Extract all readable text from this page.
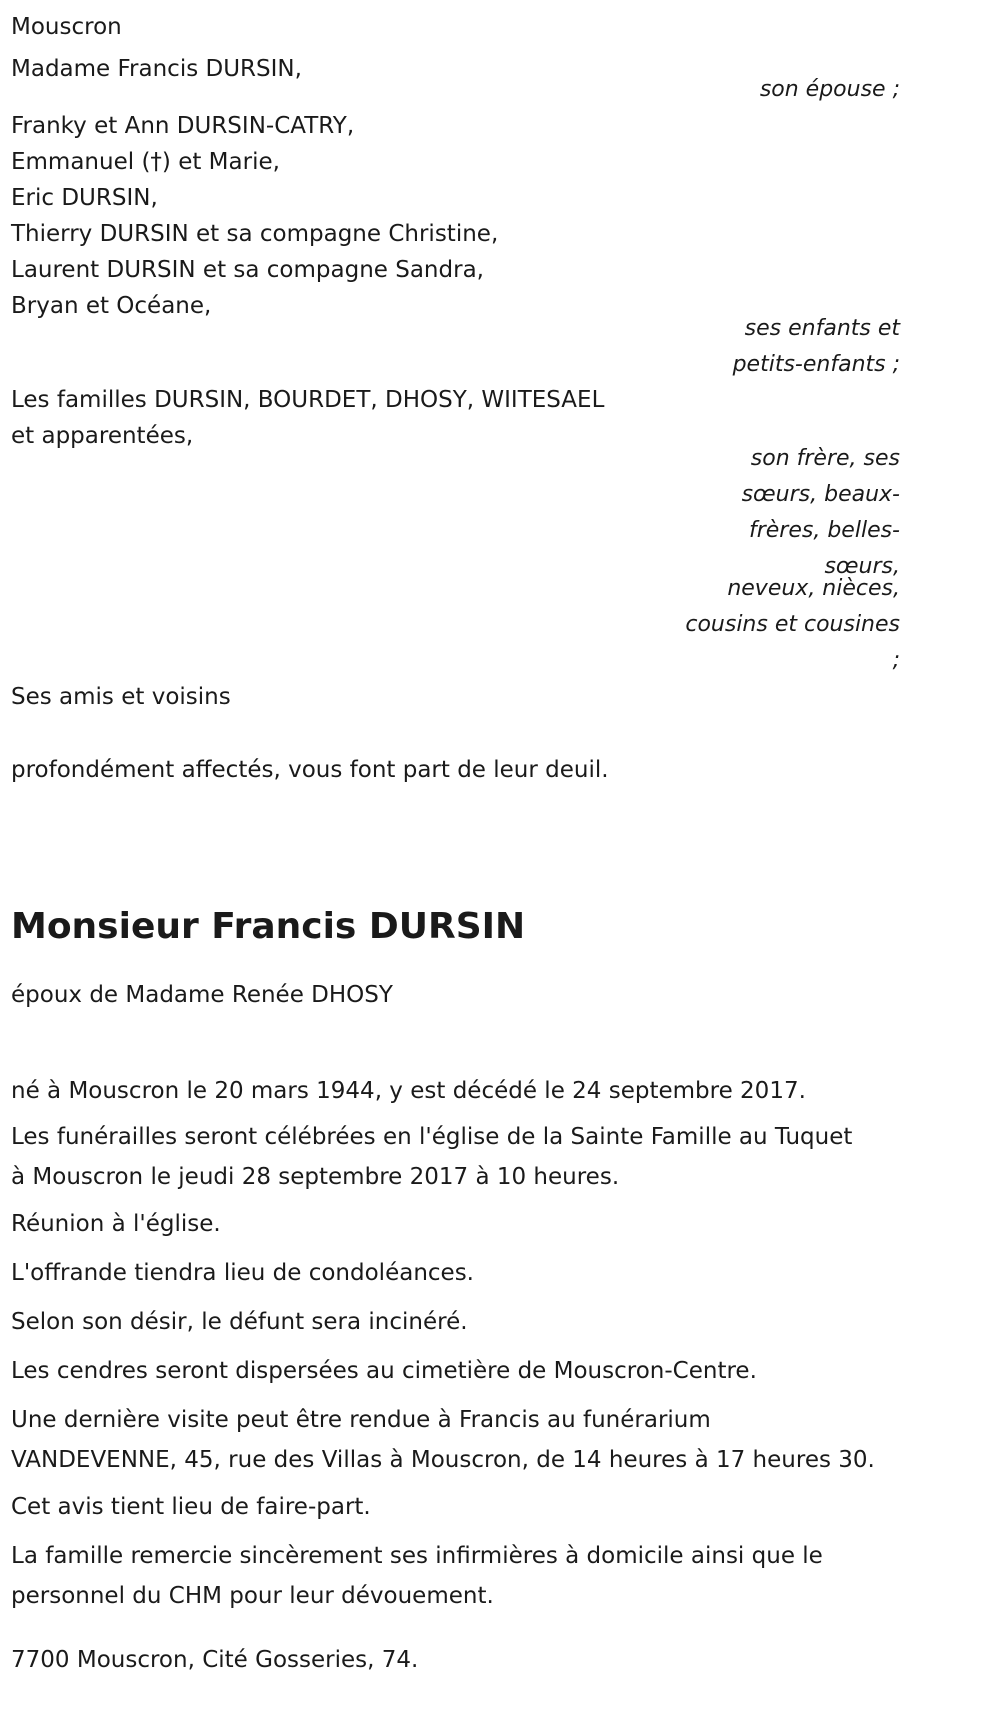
Mouscron

Madame Francis DURSIN,

son épouse ;

Franky et Ann DURSIN-CATRY,

Emmanuel (†) et Marie,

Eric DURSIN,

Thierry DURSIN et sa compagne Christine,

Laurent DURSIN et sa compagne Sandra,

Bryan et Océane,

ses enfants et

petits-enfants ;

Les familles DURSIN, BOURDET, DHOSY, WIITESAEL

et apparentées,

son frère, ses

sœurs, beaux-

frères, belles-

sœurs,

neveux, nièces,

cousins et cousines

;

Ses amis et voisins

profondément affectés, vous font part de leur deuil.

Monsieur Francis DURSIN

époux de Madame Renée DHOSY

né à Mouscron le 20 mars 1944, y est décédé le 24 septembre 2017.
Les funérailles seront célébrées en l'église de la Sainte Famille au Tuquet
à Mouscron le jeudi 28 septembre 2017 à 10 heures.
Réunion à l'église.
L'offrande tiendra lieu de condoléances.
Selon son désir, le défunt sera incinéré.
Les cendres seront dispersées au cimetière de Mouscron-Centre.
Une dernière visite peut être rendue à Francis au funérarium
VANDEVENNE, 45, rue des Villas à Mouscron, de 14 heures à 17 heures 30.
Cet avis tient lieu de faire-part.
La famille remercie sincèrement ses infirmières à domicile ainsi que le
personnel du CHM pour leur dévouement.

7700 Mouscron, Cité Gosseries, 74.
